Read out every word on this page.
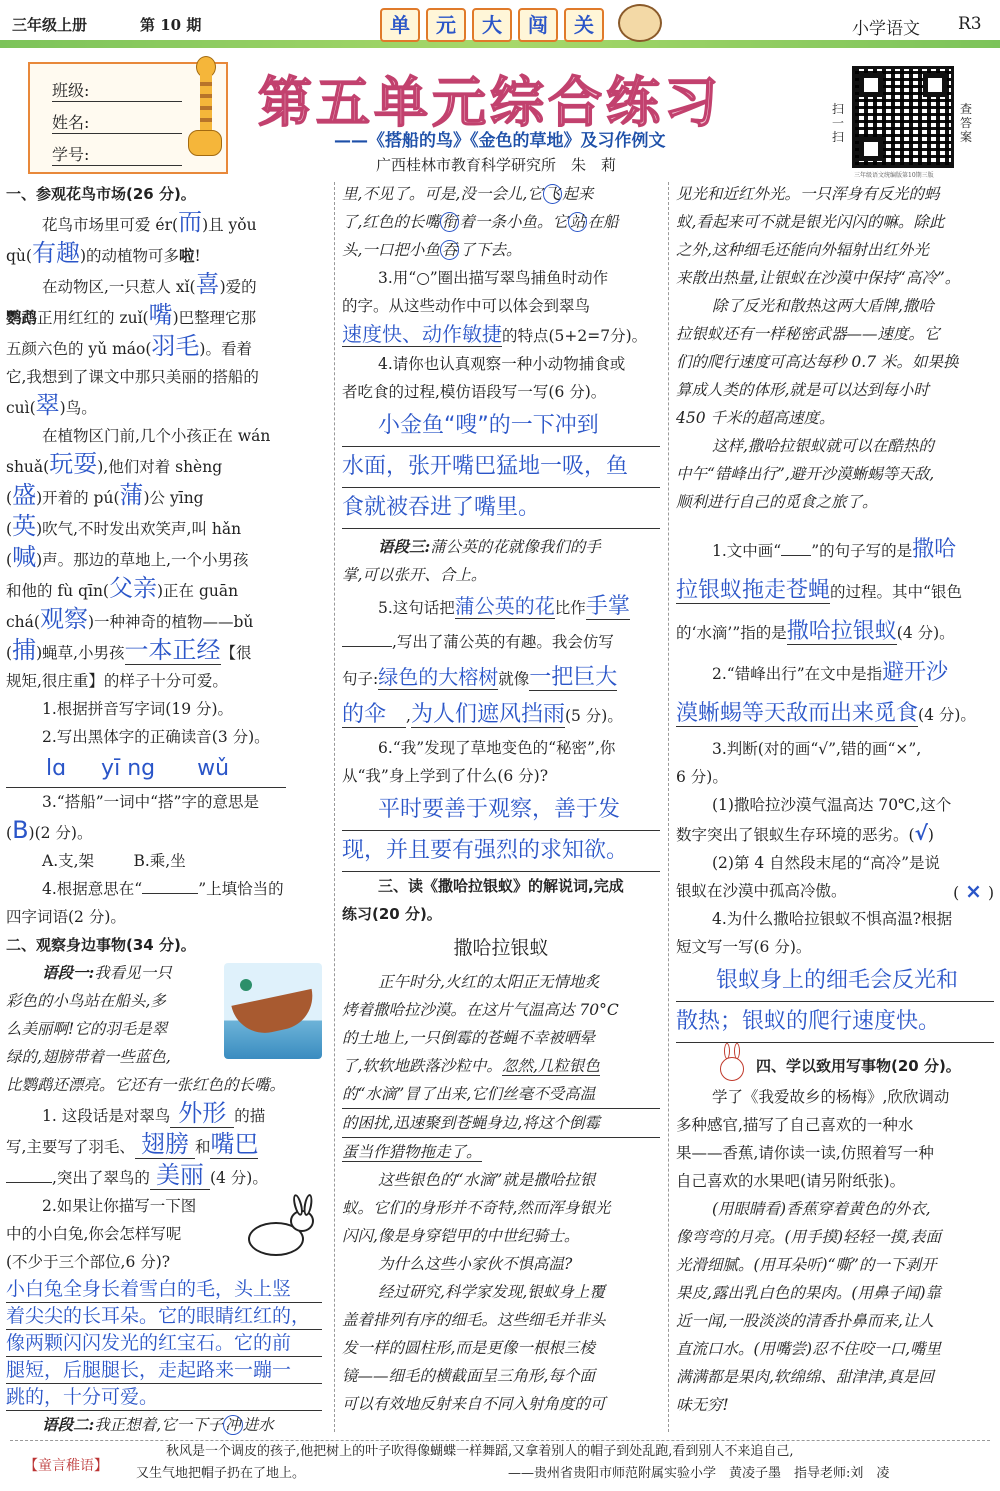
三年级上册	第 10 期	单	元	大	闯	关	小学语文 R3
班级:
姓名:
学号:
第五单元综合练习
——《搭船的鸟》《金色的草地》及习作例文
广西桂林市教育科学研究所　朱　莉
扫一扫
查答案
三年级语文统编版第10期三版
一、参观花鸟市场(26 分)。
花鸟市场里可爱 ér(而)且 yǒu
qù(有趣)的动植物可多啦!
在动物区,一只惹人 xǐ(喜)爱的
鹦鹉正用红红的 zuǐ(嘴)巴整理它那
五颜六色的 yǔ máo(羽毛)。看着
它,我想到了课文中那只美丽的搭船的
cuì(翠)鸟。
在植物区门前,几个小孩正在 wán
shuǎ(玩耍),他们对着 shèng
(盛)开着的 pú(蒲)公 yīng
(英)吹气,不时发出欢笑声,叫 hǎn
(喊)声。那边的草地上,一个小男孩
和他的 fù qīn(父亲)正在 guān
chá(观察)一种神奇的植物——bǔ
(捕)蝇草,小男孩一本正经【很
规矩,很庄重】的样子十分可爱。
1.根据拼音写字词(19 分)。
2.写出黑体字的正确读音(3 分)。
lɑ yī ng wǔ
3.“搭船”一词中“搭”字的意思是
(B)(2 分)。
A.支,架	B.乘,坐
4.根据意思在“	”上填恰当的
四字词语(2 分)。
二、观察身边事物(34 分)。
语段一:我看见一只
彩色的小鸟站在船头,多
么美丽啊!它的羽毛是翠
绿的,翅膀带着一些蓝色,
比鹦鹉还漂亮。它还有一张红色的长嘴。
1. 这段话是对翠鸟 外形 的描
写,主要写了羽毛、 翅膀 和嘴巴
,突出了翠鸟的 美丽 (4 分)。
2.如果让你描写一下图
中的小白兔,你会怎样写呢
(不少于三个部位,6 分)?
小白兔全身长着雪白的毛，头上竖
着尖尖的长耳朵。它的眼睛红红的，
像两颗闪闪发光的红宝石。它的前
腿短，后腿腿长，走起路来一蹦一
跳的，十分可爱。
语段二:我正想着,它一下子 冲 进水
里,不见了。可是,没一会儿,它 飞 起来
了,红色的长嘴 衔 着一条小鱼。它 站 在船
头,一口把小鱼 吞 了下去。
3.用“○”圈出描写翠鸟捕鱼时动作
的字。从这些动作中可以体会到翠鸟
速度快、动作敏捷的特点(5+2=7分)。
4.请你也认真观察一种小动物捕食或
者吃食的过程,模仿语段写一写(6 分)。
小金鱼“嗖”的一下冲到
水面，张开嘴巴猛地一吸，鱼
食就被吞进了嘴里。
语段三:蒲公英的花就像我们的手
掌,可以张开、合上。
5.这句话把蒲公英的花比作手掌
,写出了蒲公英的有趣。我会仿写
句子:绿色的大榕树就像一把巨大
的伞 ,为人们遮风挡雨(5 分)。
6.“我”发现了草地变色的“秘密”,你
从“我”身上学到了什么(6 分)?
平时要善于观察，善于发
现，并且要有强烈的求知欲。
三、读《撒哈拉银蚁》的解说词,完成
练习(20 分)。
撒哈拉银蚁
正午时分,火红的太阳正无情地炙
烤着撒哈拉沙漠。在这片气温高达 70°C
的土地上,一只倒霉的苍蝇不幸被晒晕
了,软软地跌落沙粒中。忽然,几粒银色
的“水滴”冒了出来,它们丝毫不受高温
的困扰,迅速聚到苍蝇身边,将这个倒霉
蛋当作猎物拖走了。
这些银色的“水滴”就是撒哈拉银
蚁。它们的身形并不奇特,然而浑身银光
闪闪,像是身穿铠甲的中世纪骑士。
为什么这些小家伙不惧高温?
经过研究,科学家发现,银蚁身上覆
盖着排列有序的细毛。这些细毛并非头
发一样的圆柱形,而是更像一根根三棱
镜——细毛的横截面呈三角形,每个面
可以有效地反射来自不同入射角度的可
见光和近红外光。一只浑身有反光的蚂
蚁,看起来可不就是银光闪闪的嘛。除此
之外,这种细毛还能向外辐射出红外光
来散出热量,让银蚁在沙漠中保持“高冷”。
除了反光和散热这两大盾牌,撒哈
拉银蚁还有一样秘密武器——速度。它
们的爬行速度可高达每秒 0.7 米。如果换
算成人类的体形,就是可以达到每小时
450 千米的超高速度。
这样,撒哈拉银蚁就可以在酷热的
中午“错峰出行”,避开沙漠蜥蜴等天敌,
顺利进行自己的觅食之旅了。
1.文中画“ ”的句子写的是撒哈
拉银蚁拖走苍蝇的过程。其中“银色
的‘水滴’”指的是撒哈拉银蚁(4 分)。
2.“错峰出行”在文中是指避开沙
漠蜥蜴等天敌而出来觅食(4 分)。
3.判断(对的画“√”,错的画“×”,
6 分)。
(1)撒哈拉沙漠气温高达 70℃,这个
数字突出了银蚁生存环境的恶劣。(√)
(2)第 4 自然段末尾的“高冷”是说
银蚁在沙漠中孤高冷傲。	( × )
4.为什么撒哈拉银蚁不惧高温?根据
短文写一写(6 分)。
银蚁身上的细毛会反光和
散热；银蚁的爬行速度快。
四、学以致用写事物(20 分)。
学了《我爱故乡的杨梅》,欣欣调动
多种感官,描写了自己喜欢的一种水
果——香蕉,请你读一读,仿照着写一种
自己喜欢的水果吧(请另附纸张)。
(用眼睛看)香蕉穿着黄色的外衣,
像弯弯的月亮。(用手摸)轻轻一摸,表面
光滑细腻。(用耳朵听)“嘶”的一下剥开
果皮,露出乳白色的果肉。(用鼻子闻)靠
近一闻,一股淡淡的清香扑鼻而来,让人
直流口水。(用嘴尝)忍不住咬一口,嘴里
满满都是果肉,软绵绵、甜津津,真是回
味无穷!
【童言稚语】
秋风是一个调皮的孩子,他把树上的叶子吹得像蝴蝶一样舞蹈,又拿着别人的帽子到处乱跑,看到别人不来追自己,
又生气地把帽子扔在了地上。	——贵州省贵阳市师范附属实验小学　黄凌子墨　指导老师:刘　凌
